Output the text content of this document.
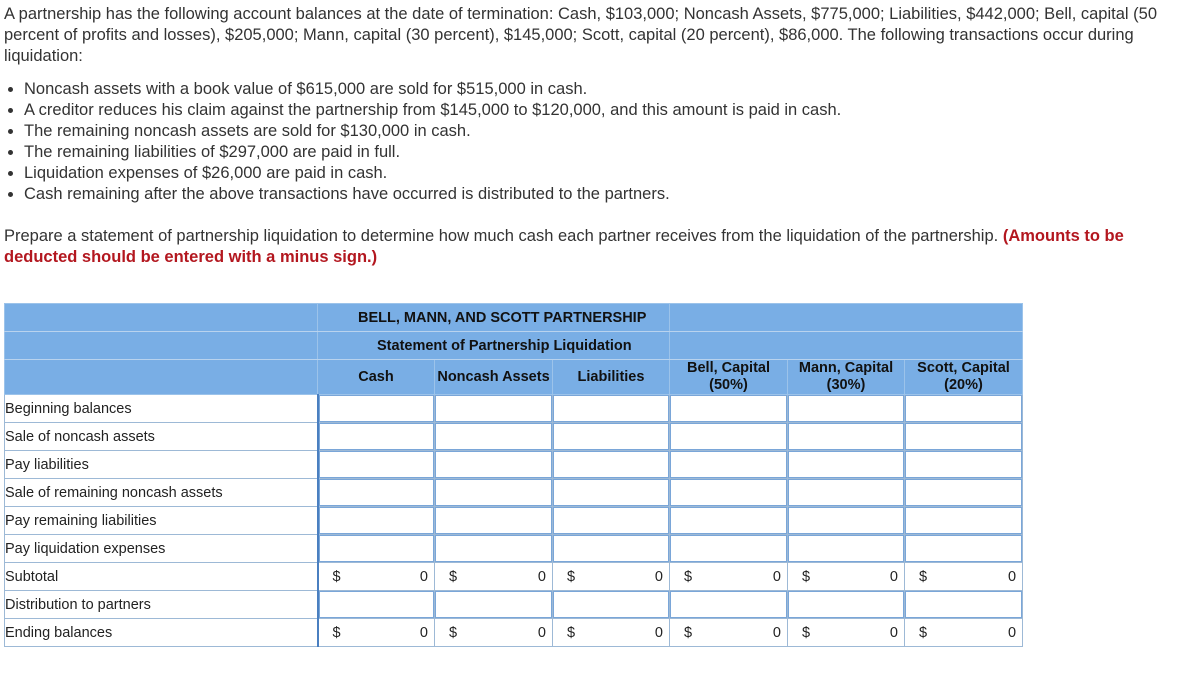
A partnership has the following account balances at the date of termination: Cash, $103,000; Noncash Assets, $775,000; Liabilities, $442,000; Bell, capital (50 percent of profits and losses), $205,000; Mann, capital (30 percent), $145,000; Scott, capital (20 percent), $86,000. The following transactions occur during liquidation:

• Noncash assets with a book value of $615,000 are sold for $515,000 in cash.
• A creditor reduces his claim against the partnership from $145,000 to $120,000, and this amount is paid in cash.
• The remaining noncash assets are sold for $130,000 in cash.
• The remaining liabilities of $297,000 are paid in full.
• Liquidation expenses of $26,000 are paid in cash.
• Cash remaining after the above transactions have occurred is distributed to the partners.

Prepare a statement of partnership liquidation to determine how much cash each partner receives from the liquidation of the partnership. (Amounts to be deducted should be entered with a minus sign.)

	BELL, MANN, AND SCOTT PARTNERSHIP					
	Statement of Partnership Liquidation					
	Cash	Noncash Assets	Liabilities	Bell, Capital (50%)	Mann, Capital (30%)	Scott, Capital (20%)
Beginning balances	

Sale of noncash assets	

Pay liabilities	

Sale of remaining noncash assets	

Pay remaining liabilities	

Pay liquidation expenses	

Subtotal	$ 0	$ 0	$ 0	$ 0	$ 0	$ 0

Distribution to partners	

Ending balances	$ 0	$ 0	$ 0	$ 0	$ 0	$ 0
